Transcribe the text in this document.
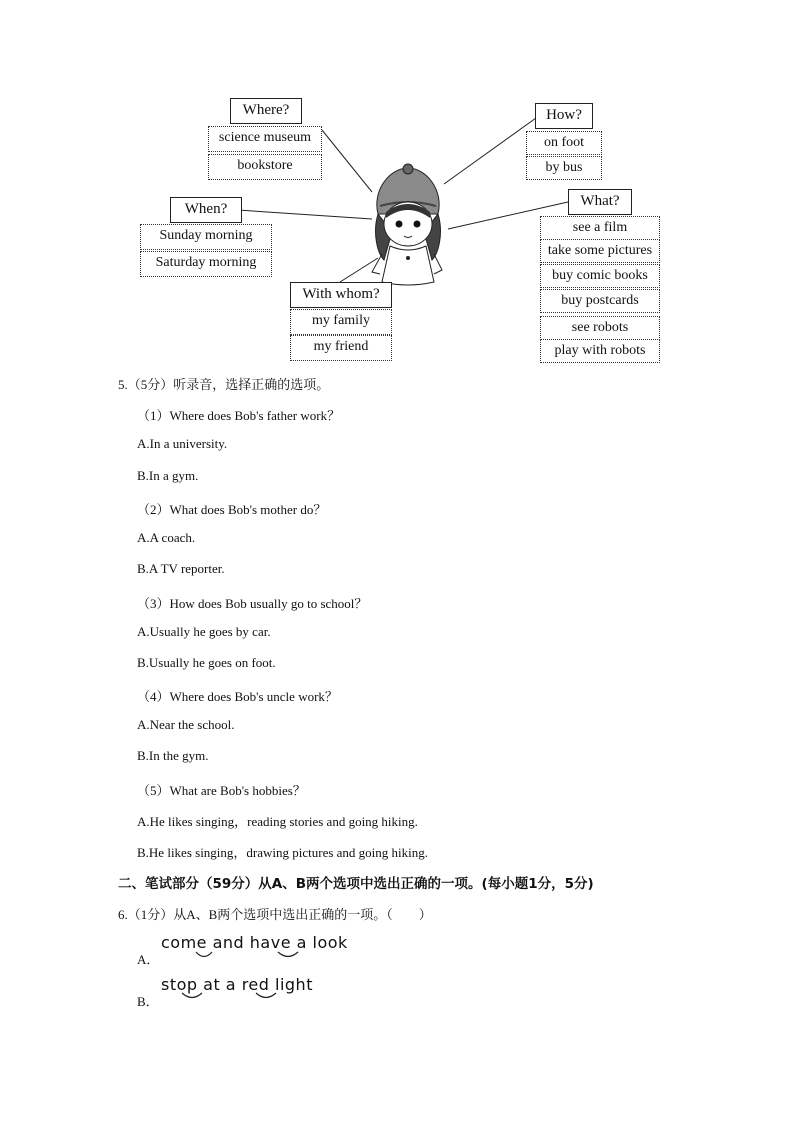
Where?
science museum
bookstore
When?
Sunday morning
Saturday morning
With whom?
my family
my friend
How?
on foot
by bus
What?
see a film
take some pictures
buy comic books
buy postcards
see robots
play with robots
5.（5分）听录音，选择正确的选项。
（1）Where does Bob's father work？
A.In a university.
B.In a gym.
（2）What does Bob's mother do？
A.A coach.
B.A TV reporter.
（3）How does Bob usually go to school？
A.Usually he goes by car.
B.Usually he goes on foot.
（4）Where does Bob's uncle work？
A.Near the school.
B.In the gym.
（5）What are Bob's hobbies？
A.He likes singing，reading stories and going hiking.
B.He likes singing，drawing pictures and going hiking.
二、笔试部分（59分）从A、B两个选项中选出正确的一项。(每小题1分，5分)
6.（1分）从A、B两个选项中选出正确的一项。（　　）
A．
come and have a look
B．
stop at a red light
